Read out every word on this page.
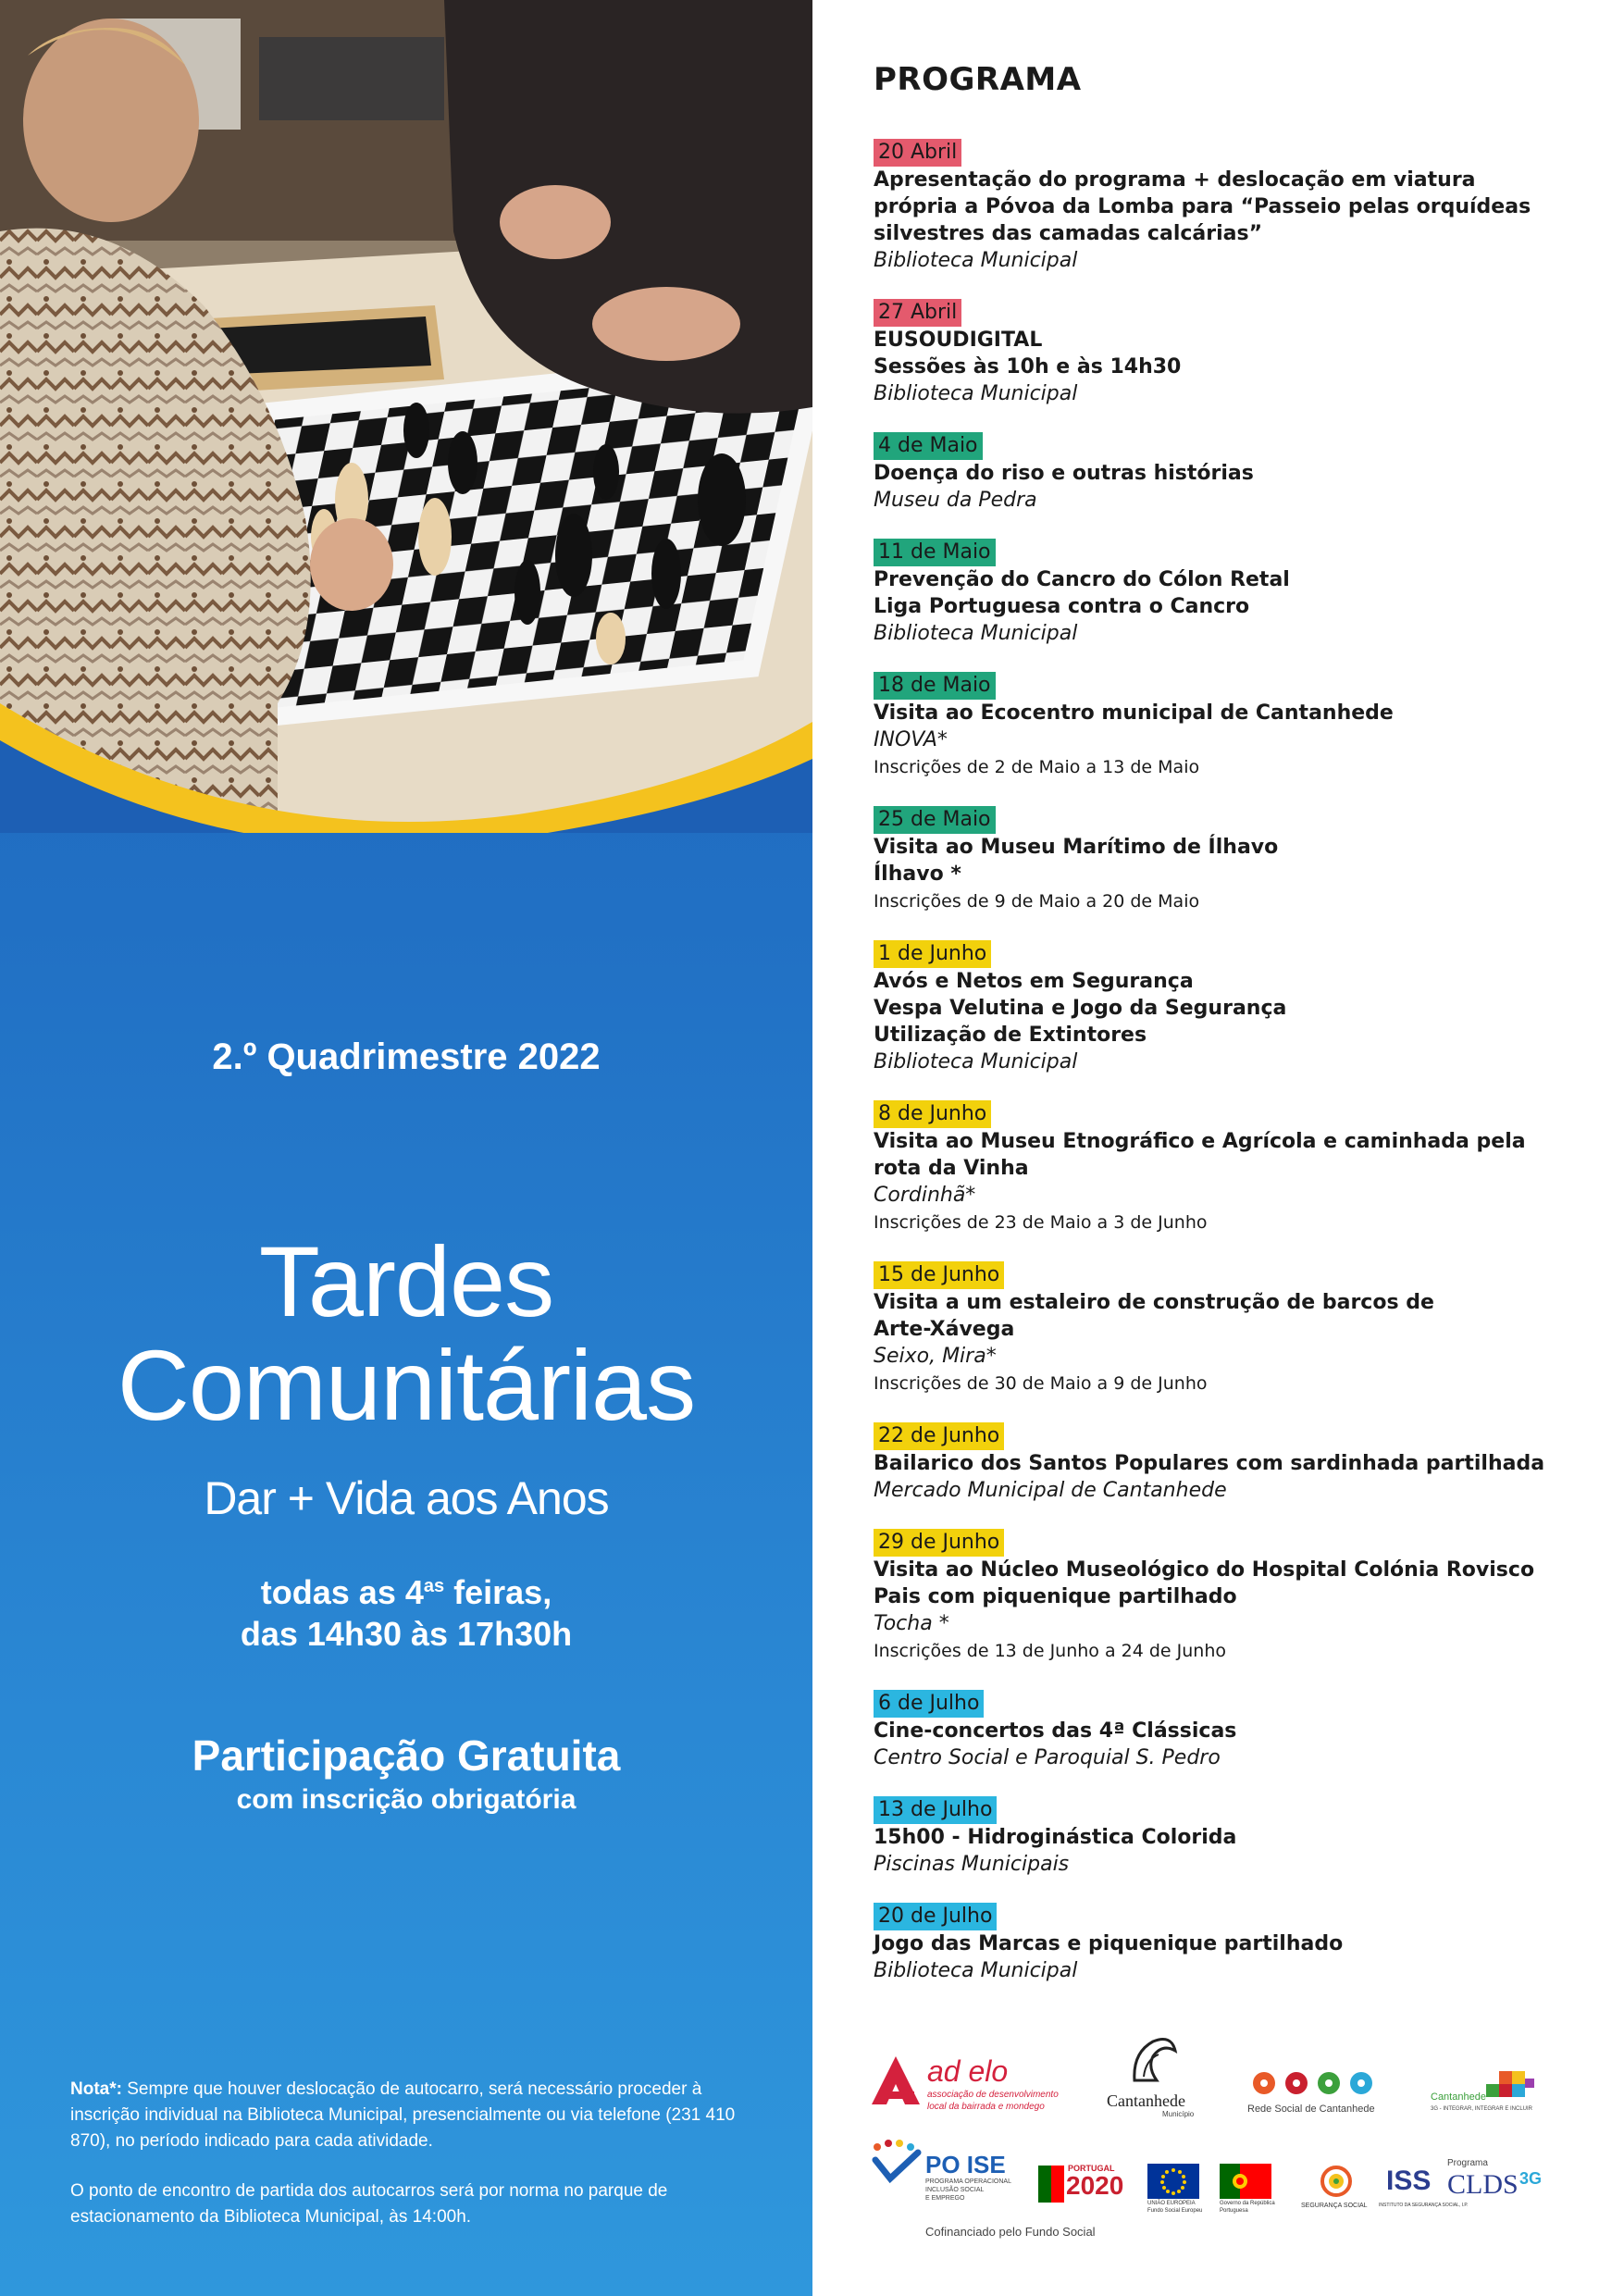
2.º Quadrimestre 2022
Tardes
Comunitárias
Dar + Vida aos Anos
todas as $4^{as}$ feiras,
das 14h30 às 17h30h
Participação Gratuita
com inscrição obrigatória

Nota*: Sempre que houver deslocação de autocarro, será necessário proceder à inscrição individual na Biblioteca Municipal, presencialmente ou via telefone (231 410 870), no período indicado para cada atividade.

O ponto de encontro de partida dos autocarros será por norma no parque de estacionamento da Biblioteca Municipal, às 14:00h.

PROGRAMA
20 Abril
Apresentação do programa + deslocação em viatura
própria a Póvoa da Lomba para “Passeio pelas orquídeas
silvestres das camadas calcárias”
Biblioteca Municipal
27 Abril
EUSOUDIGITAL
Sessões às 10h e às 14h30
Biblioteca Municipal
4 de Maio
Doença do riso e outras histórias
Museu da Pedra
11 de Maio
Prevenção do Cancro do Cólon Retal
Liga Portuguesa contra o Cancro
Biblioteca Municipal
18 de Maio
Visita ao Ecocentro municipal de Cantanhede
INOVA*
Inscrições de 2 de Maio a 13 de Maio
25 de Maio
Visita ao Museu Marítimo de Ílhavo
Ílhavo *
Inscrições de 9 de Maio a 20 de Maio
1 de Junho
Avós e Netos em Segurança
Vespa Velutina e Jogo da Segurança
Utilização de Extintores
Biblioteca Municipal
8 de Junho
Visita ao Museu Etnográfico e Agrícola e caminhada pela
rota da Vinha
Cordinhã*
Inscrições de 23 de Maio a 3 de Junho
15 de Junho
Visita a um estaleiro de construção de barcos de
Arte-Xávega
Seixo, Mira*
Inscrições de 30 de Maio a 9 de Junho
22 de Junho
Bailarico dos Santos Populares com sardinhada partilhada
Mercado Municipal de Cantanhede
29 de Junho
Visita ao Núcleo Museológico do Hospital Colónia Rovisco
Pais com piquenique partilhado
Tocha *
Inscrições de 13 de Junho a 24 de Junho
6 de Julho
Cine-concertos das 4ª Clássicas
Centro Social e Paroquial S. Pedro
13 de Julho
15h00 - Hidroginástica Colorida
Piscinas Municipais
20 de Julho
Jogo das Marcas e piquenique partilhado
Biblioteca Municipal
ad elo
associação de desenvolvimento
local da bairrada e mondego	Cantanhede
Município	Rede Social de Cantanhede
Cantanhede
3G - INTEGRAR, INTEGRAR E INCLUIR
PO ISE
PROGRAMA OPERACIONAL
INCLUSÃO SOCIAL
E EMPREGO
PORTUGAL
2020
UNIÃO EUROPEIA
Fundo Social Europeu
Governo da República
Portuguesa
SEGURANÇA SOCIAL
ISS
INSTITUTO DA SEGURANÇA SOCIAL, I.P.
Programa
CLDS 3G
Cofinanciado pelo Fundo Social
